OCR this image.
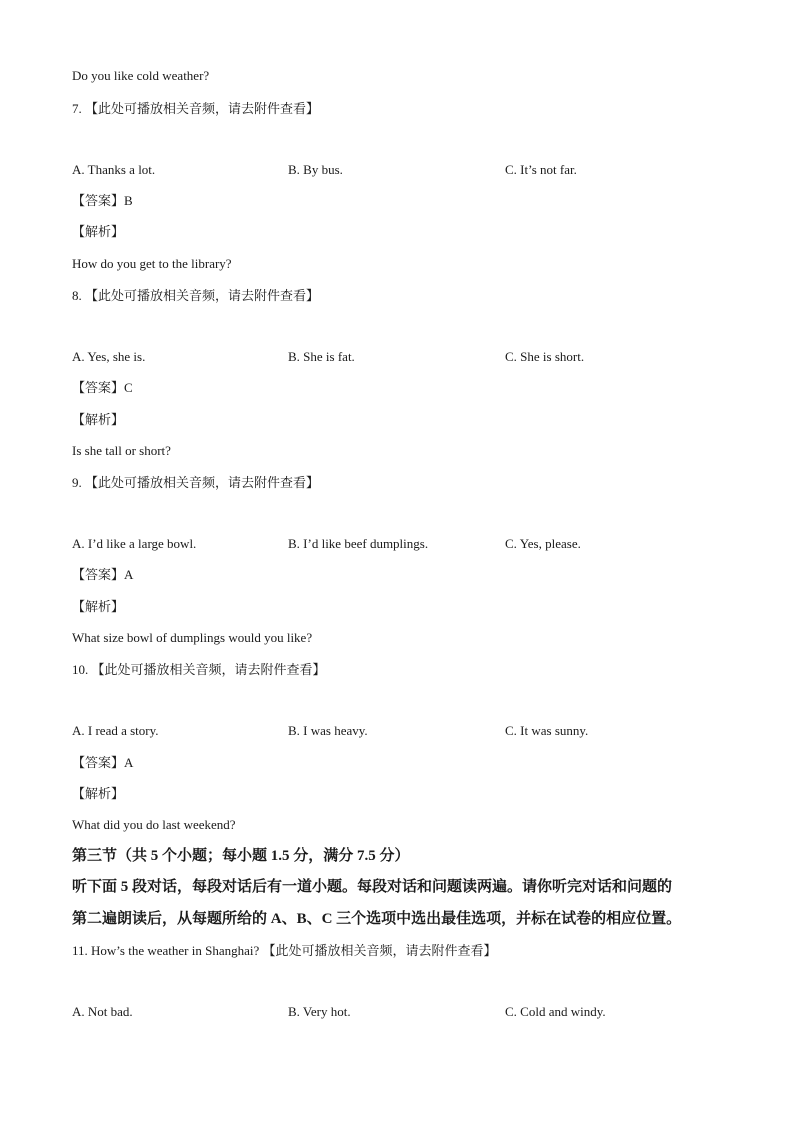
Do you like cold weather?
7. 【此处可播放相关音频，请去附件查看】
A. Thanks a lot.	B. By bus.	C. It’s not far.
【答案】B
【解析】
How do you get to the library?
8. 【此处可播放相关音频，请去附件查看】
A. Yes, she is.	B. She is fat.	C. She is short.
【答案】C
【解析】
Is she tall or short?
9. 【此处可播放相关音频，请去附件查看】
A. I’d like a large bowl.	B. I’d like beef dumplings.	C. Yes, please.
【答案】A
【解析】
What size bowl of dumplings would you like?
10. 【此处可播放相关音频，请去附件查看】
A. I read a story.	B. I was heavy.	C. It was sunny.
【答案】A
【解析】
What did you do last weekend?
第三节（共 5 个小题；每小题 1.5 分，满分 7.5 分）
听下面 5 段对话，每段对话后有一道小题。每段对话和问题读两遍。请你听完对话和问题的
第二遍朗读后，从每题所给的 A、B、C 三个选项中选出最佳选项，并标在试卷的相应位置。
11. How’s the weather in Shanghai? 【此处可播放相关音频，请去附件查看】
A. Not bad.	B. Very hot.	C. Cold and windy.
